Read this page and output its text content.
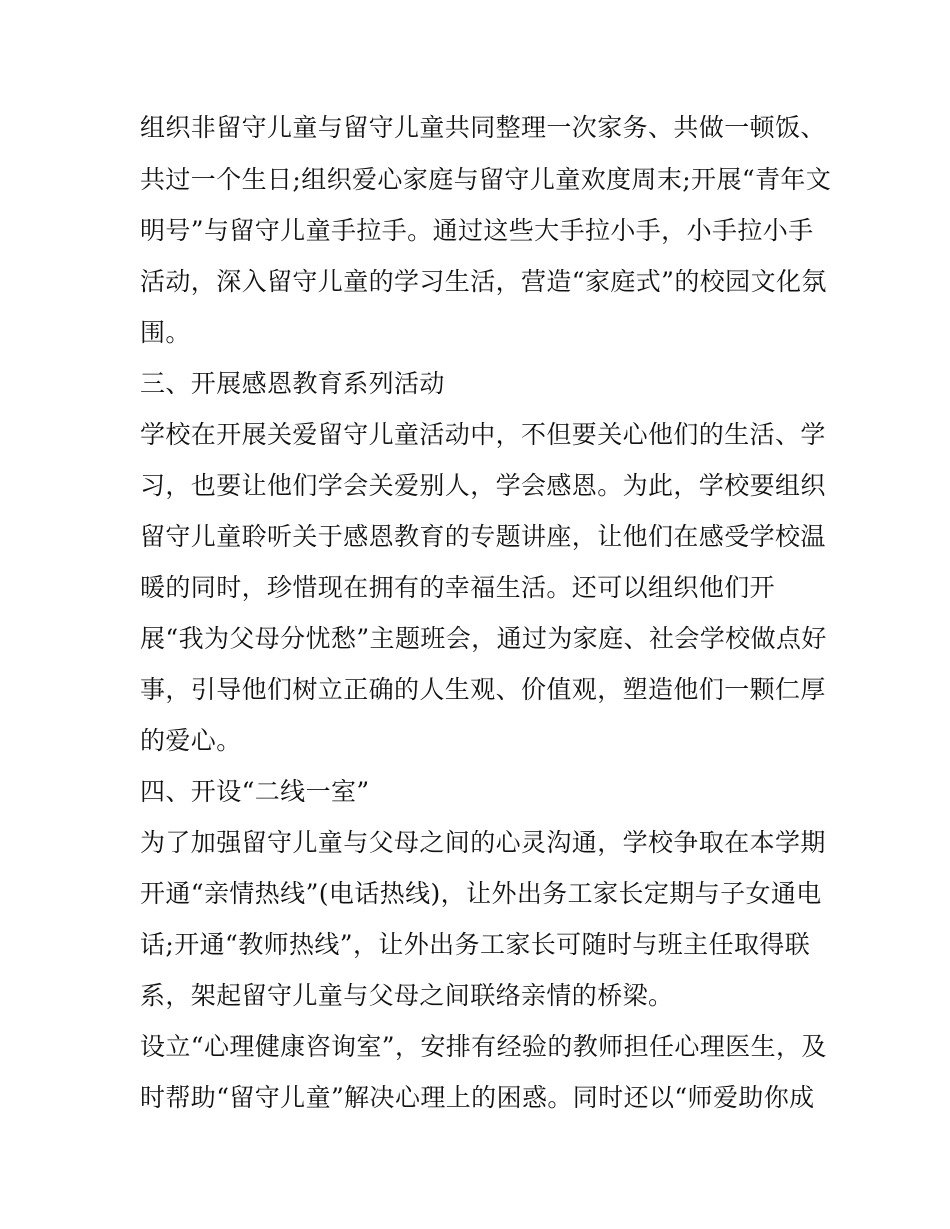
组织非留守儿童与留守儿童共同整理一次家务、共做一顿饭、
共过一个生日;组织爱心家庭与留守儿童欢度周末;开展“青年文
明号”与留守儿童手拉手。通过这些大手拉小手，小手拉小手
活动，深入留守儿童的学习生活，营造“家庭式”的校园文化氛
围。
三、开展感恩教育系列活动
学校在开展关爱留守儿童活动中，不但要关心他们的生活、学
习，也要让他们学会关爱别人，学会感恩。为此，学校要组织
留守儿童聆听关于感恩教育的专题讲座，让他们在感受学校温
暖的同时，珍惜现在拥有的幸福生活。还可以组织他们开
展“我为父母分忧愁”主题班会，通过为家庭、社会学校做点好
事，引导他们树立正确的人生观、价值观，塑造他们一颗仁厚
的爱心。
四、开设“二线一室”
为了加强留守儿童与父母之间的心灵沟通，学校争取在本学期
开通“亲情热线”(电话热线)，让外出务工家长定期与子女通电
话;开通“教师热线”，让外出务工家长可随时与班主任取得联
系，架起留守儿童与父母之间联络亲情的桥梁。
设立“心理健康咨询室”，安排有经验的教师担任心理医生，及
时帮助“留守儿童”解决心理上的困惑。同时还以“师爱助你成
